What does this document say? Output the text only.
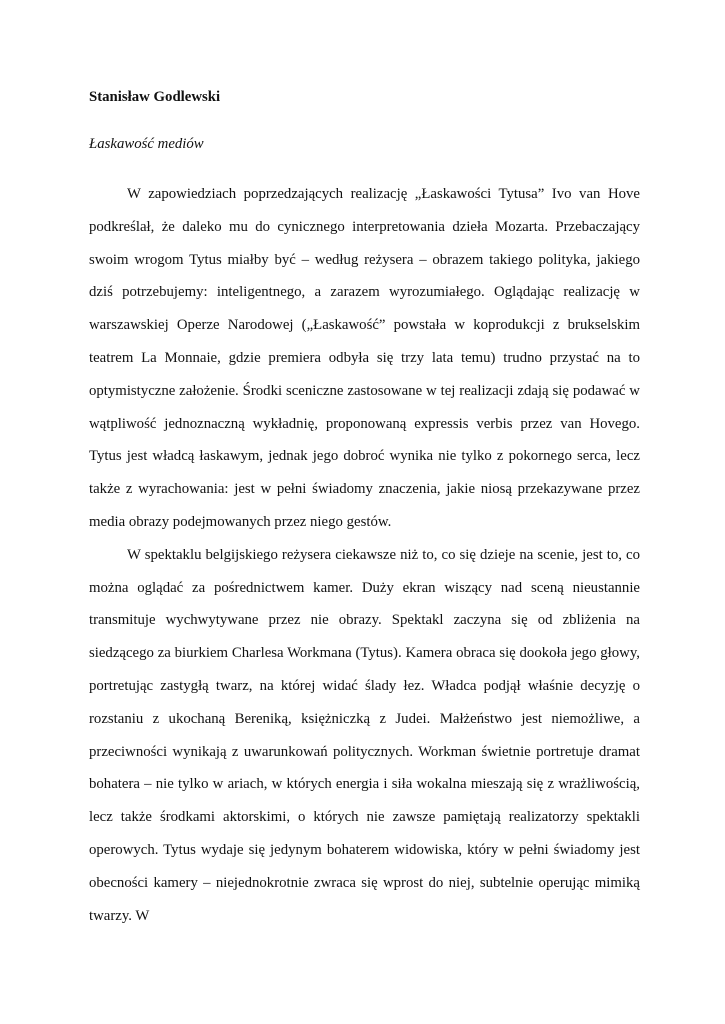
Stanisław Godlewski

Łaskawość mediów

W zapowiedziach poprzedzających realizację „Łaskawości Tytusa” Ivo van Hove podkreślał, że daleko mu do cynicznego interpretowania dzieła Mozarta. Przebaczający swoim wrogom Tytus miałby być – według reżysera – obrazem takiego polityka, jakiego dziś potrzebujemy: inteligentnego, a zarazem wyrozumiałego. Oglądając realizację w warszawskiej Operze Narodowej („Łaskawość” powstała w koprodukcji z brukselskim teatrem La Monnaie, gdzie premiera odbyła się trzy lata temu) trudno przystać na to optymistyczne założenie. Środki sceniczne zastosowane w tej realizacji zdają się podawać w wątpliwość jednoznaczną wykładnię, proponowaną expressis verbis przez van Hovego. Tytus jest władcą łaskawym, jednak jego dobroć wynika nie tylko z pokornego serca, lecz także z wyrachowania: jest w pełni świadomy znaczenia, jakie niosą przekazywane przez media obrazy podejmowanych przez niego gestów.

W spektaklu belgijskiego reżysera ciekawsze niż to, co się dzieje na scenie, jest to, co można oglądać za pośrednictwem kamer. Duży ekran wiszący nad sceną nieustannie transmituje wychwytywane przez nie obrazy. Spektakl zaczyna się od zbliżenia na siedzącego za biurkiem Charlesa Workmana (Tytus). Kamera obraca się dookoła jego głowy, portretując zastygłą twarz, na której widać ślady łez. Władca podjął właśnie decyzję o rozstaniu z ukochaną Bereniką, księżniczką z Judei. Małżeństwo jest niemożliwe, a przeciwności wynikają z uwarunkowań politycznych. Workman świetnie portretuje dramat bohatera – nie tylko w ariach, w których energia i siła wokalna mieszają się z wrażliwością, lecz także środkami aktorskimi, o których nie zawsze pamiętają realizatorzy spektakli operowych. Tytus wydaje się jedynym bohaterem widowiska, który w pełni świadomy jest obecności kamery – niejednokrotnie zwraca się wprost do niej, subtelnie operując mimiką twarzy. W
